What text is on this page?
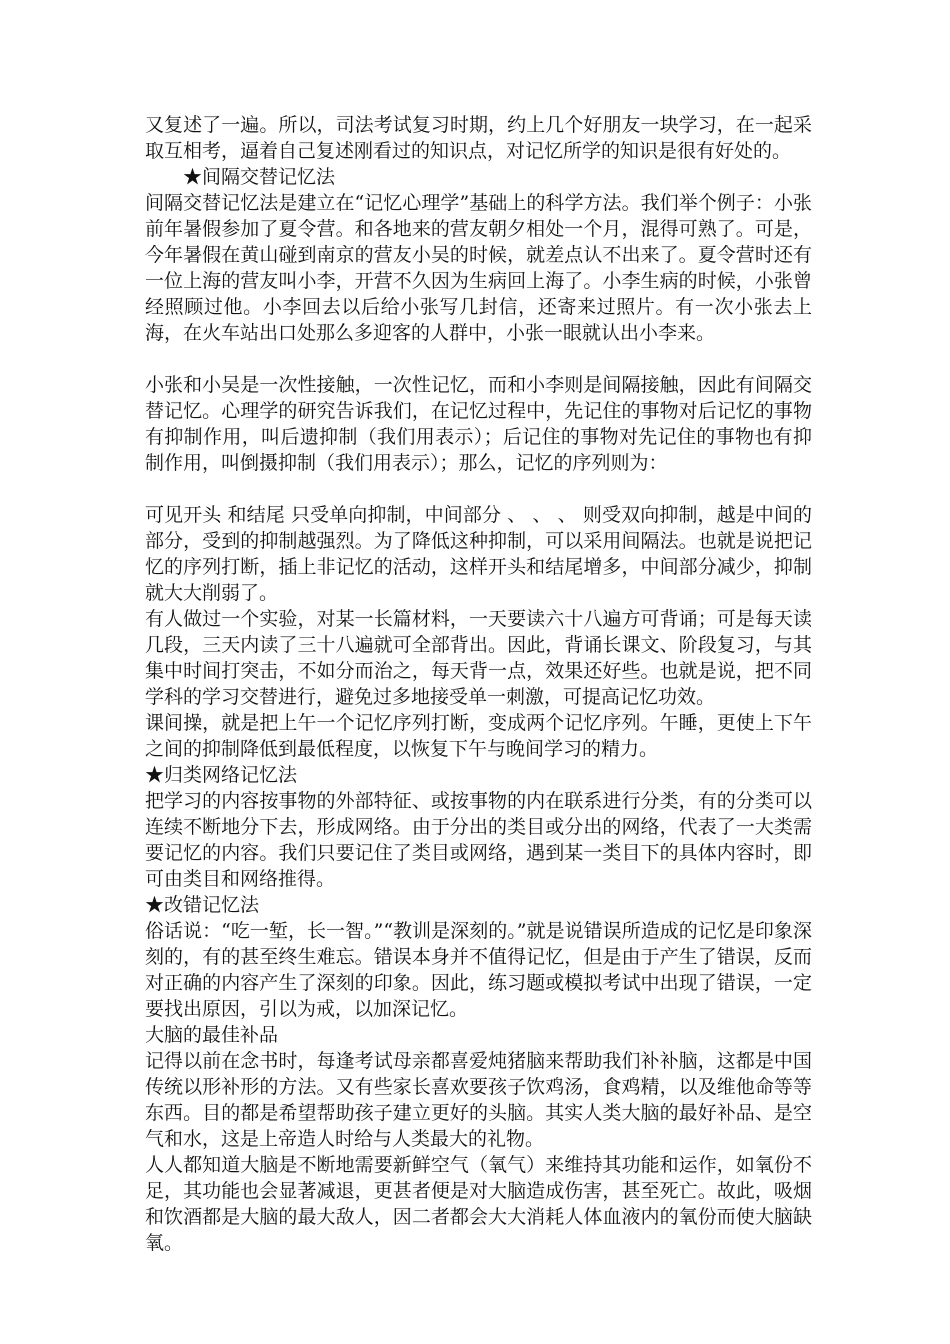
又复述了一遍。所以，司法考试复习时期，约上几个好朋友一块学习，在一起采取互相考，逼着自己复述刚看过的知识点，对记忆所学的知识是很有好处的。

★间隔交替记忆法

间隔交替记忆法是建立在“记忆心理学”基础上的科学方法。我们举个例子：小张前年暑假参加了夏令营。和各地来的营友朝夕相处一个月，混得可熟了。可是，今年暑假在黄山碰到南京的营友小吴的时候，就差点认不出来了。夏令营时还有一位上海的营友叫小李，开营不久因为生病回上海了。小李生病的时候，小张曾经照顾过他。小李回去以后给小张写几封信，还寄来过照片。有一次小张去上海，在火车站出口处那么多迎客的人群中，小张一眼就认出小李来。

小张和小吴是一次性接触，一次性记忆，而和小李则是间隔接触，因此有间隔交替记忆。心理学的研究告诉我们，在记忆过程中，先记住的事物对后记忆的事物有抑制作用，叫后遗抑制（我们用表示）；后记住的事物对先记住的事物也有抑制作用，叫倒摄抑制（我们用表示）；那么，记忆的序列则为：

可见开头 和结尾 只受单向抑制，中间部分 、 、 、 则受双向抑制，越是中间的部分，受到的抑制越强烈。为了降低这种抑制，可以采用间隔法。也就是说把记忆的序列打断，插上非记忆的活动，这样开头和结尾增多，中间部分减少，抑制就大大削弱了。

有人做过一个实验，对某一长篇材料，一天要读六十八遍方可背诵；可是每天读几段，三天内读了三十八遍就可全部背出。因此，背诵长课文、阶段复习，与其集中时间打突击，不如分而治之，每天背一点，效果还好些。也就是说，把不同学科的学习交替进行，避免过多地接受单一刺激，可提高记忆功效。

课间操，就是把上午一个记忆序列打断，变成两个记忆序列。午睡，更使上下午之间的抑制降低到最低程度，以恢复下午与晚间学习的精力。

★归类网络记忆法

把学习的内容按事物的外部特征、或按事物的内在联系进行分类，有的分类可以连续不断地分下去，形成网络。由于分出的类目或分出的网络，代表了一大类需要记忆的内容。我们只要记住了类目或网络，遇到某一类目下的具体内容时，即可由类目和网络推得。

★改错记忆法

俗话说：“吃一堑，长一智。”“教训是深刻的。”就是说错误所造成的记忆是印象深刻的，有的甚至终生难忘。错误本身并不值得记忆，但是由于产生了错误，反而对正确的内容产生了深刻的印象。因此，练习题或模拟考试中出现了错误，一定要找出原因，引以为戒，以加深记忆。

大脑的最佳补品

记得以前在念书时，每逢考试母亲都喜爱炖猪脑来帮助我们补补脑，这都是中国传统以形补形的方法。又有些家长喜欢要孩子饮鸡汤，食鸡精，以及维他命等等东西。目的都是希望帮助孩子建立更好的头脑。其实人类大脑的最好补品、是空气和水，这是上帝造人时给与人类最大的礼物。

人人都知道大脑是不断地需要新鲜空气（氧气）来维持其功能和运作，如氧份不足，其功能也会显著减退，更甚者便是对大脑造成伤害，甚至死亡。故此，吸烟和饮酒都是大脑的最大敌人，因二者都会大大消耗人体血液内的氧份而使大脑缺氧。
